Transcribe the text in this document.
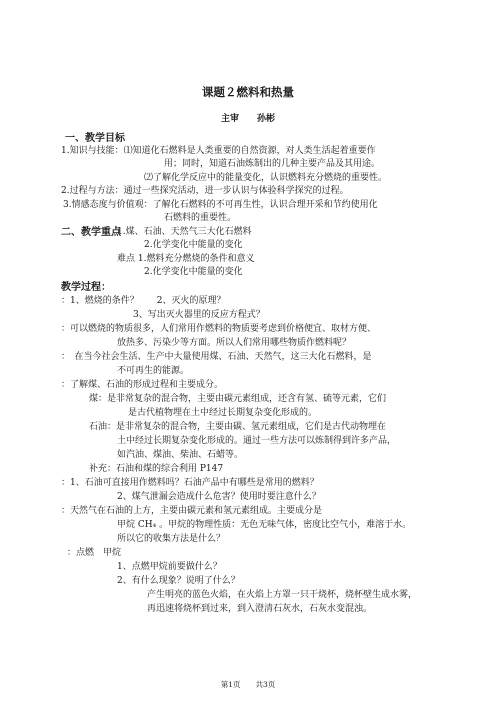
课题２燃料和热量
主审　　孙彬
一、教学目标
1.知识与技能：⑴知道化石燃料是人类重要的自然资源，对人类生活起着重要作
用；同时，知道石油炼制出的几种主要产品及其用途。
⑵了解化学反应中的能量变化，认识燃料充分燃烧的重要性。
2.过程与方法：通过一些探究活动，进一步认识与体验科学探究的过程。
3.情感态度与价值观：了解化石燃料的不可再生性，认识合理开采和节约使用化
石燃料的重要性。
二、教学重点
1.煤、石油、天然气三大化石燃料
2.化学变化中能量的变化
难点 1.燃料充分燃烧的条件和意义
2.化学变化中能量的变化
教学过程：
：1、燃烧的条件？　　2、灭火的原理？
3、写出灭火器里的反应方程式？
：可以燃烧的物质很多，人们常用作燃料的物质要考虑到价格便宜、取材方便、
放热多、污染少等方面。所以人们常用哪些物质作燃料呢？
：　在当今社会生活、生产中大量使用煤、石油、天然气，这三大化石燃料，是
不可再生的能源。
：了解煤、石油的形成过程和主要成分。
煤：是非常复杂的混合物，主要由碳元素组成，还含有氢、硫等元素，它们
是古代植物埋在土中经过长期复杂变化形成的。
石油：是非常复杂的混合物，主要由碳、氢元素组成，它们是古代动物埋在
土中经过长期复杂变化形成的。通过一些方法可以炼制得到许多产品，
如汽油、煤油、柴油、石蜡等。
补充：石油和煤的综合利用 P147
：1、石油可直接用作燃料吗？石油产品中有哪些是常用的燃料？
2、煤气泄漏会造成什么危害？使用时要注意什么？
：天然气在石油的上方，主要由碳元素和氢元素组成。主要成分是
甲烷 CH₄ 。甲烷的物理性质：无色无味气体，密度比空气小，难溶于水。
所以它的收集方法是什么？
：点燃　甲烷
1、点燃甲烷前要做什么？
2、有什么现象？说明了什么？
产生明亮的蓝色火焰，在火焰上方罩一只干烧杯，烧杯壁生成水雾，
再迅速将烧杯到过来，到入澄清石灰水，石灰水变混浊。
第1页　　共3页
